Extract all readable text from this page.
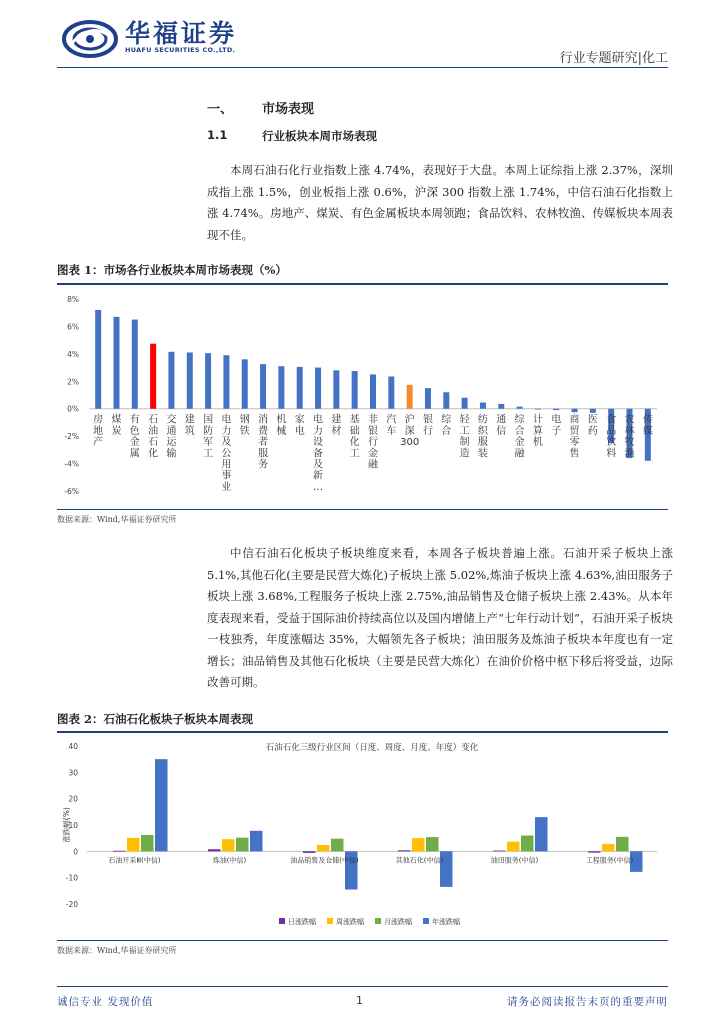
华福证券
HUAFU SECURITIES CO.,LTD.
行业专题研究|化工
一、 市场表现
1.1	行业板块本周市场表现
本周石油石化行业指数上涨 4.74%，表现好于大盘。本周上证综指上涨 2.37%，深圳成指上涨 1.5%，创业板指上涨 0.6%，沪深 300 指数上涨 1.74%，中信石油石化指数上涨 4.74%。房地产、煤炭、有色金属板块本周领跑；食品饮料、农林牧渔、传媒板块本周表现不佳。
图表 1：市场各行业板块本周市场表现（%）
8%
6%
4%
2%
0%
-2%
-4%
-6%
房地产
煤炭
有色金属
石油石化
交通运输
建筑
国防军工
电力及公用事业
钢铁
消费者服务
机械
家电
电力设备及新…
建材
基础化工
非银行金融
汽车
沪深 300
银行
综合
轻工制造
纺织服装
通信
综合金融
计算机
电子
商贸零售
医药
食品饮料
农林牧渔
传媒
数据来源：Wind,华福证券研究所
中信石油石化板块子板块维度来看，本周各子板块普遍上涨。石油开采子板块上涨 5.1%,其他石化(主要是民营大炼化)子板块上涨 5.02%,炼油子板块上涨 4.63%,油田服务子板块上涨 3.68%,工程服务子板块上涨 2.75%,油品销售及仓储子板块上涨 2.43%。从本年度表现来看，受益于国际油价持续高位以及国内增储上产“七年行动计划”，石油开采子板块一枝独秀，年度涨幅达 35%，大幅领先各子板块；油田服务及炼油子板块本年度也有一定增长；油品销售及其他石化板块（主要是民营大炼化）在油价价格中枢下移后将受益，边际改善可期。
图表 2：石油石化板块子板块本周表现
石油石化三级行业区间（日度、周度、月度、年度）变化
40
30
20
10
0
-10
-20
涨跌幅(%)
石油开采Ⅲ(中信)	炼油(中信)	油品销售及仓储(中信)	其他石化(中信)	油田服务(中信)	工程服务(中信)
日涨跌幅	周涨跌幅	月涨跌幅	年涨跌幅
数据来源：Wind,华福证券研究所
诚信专业 发现价值	1	请务必阅读报告末页的重要声明
